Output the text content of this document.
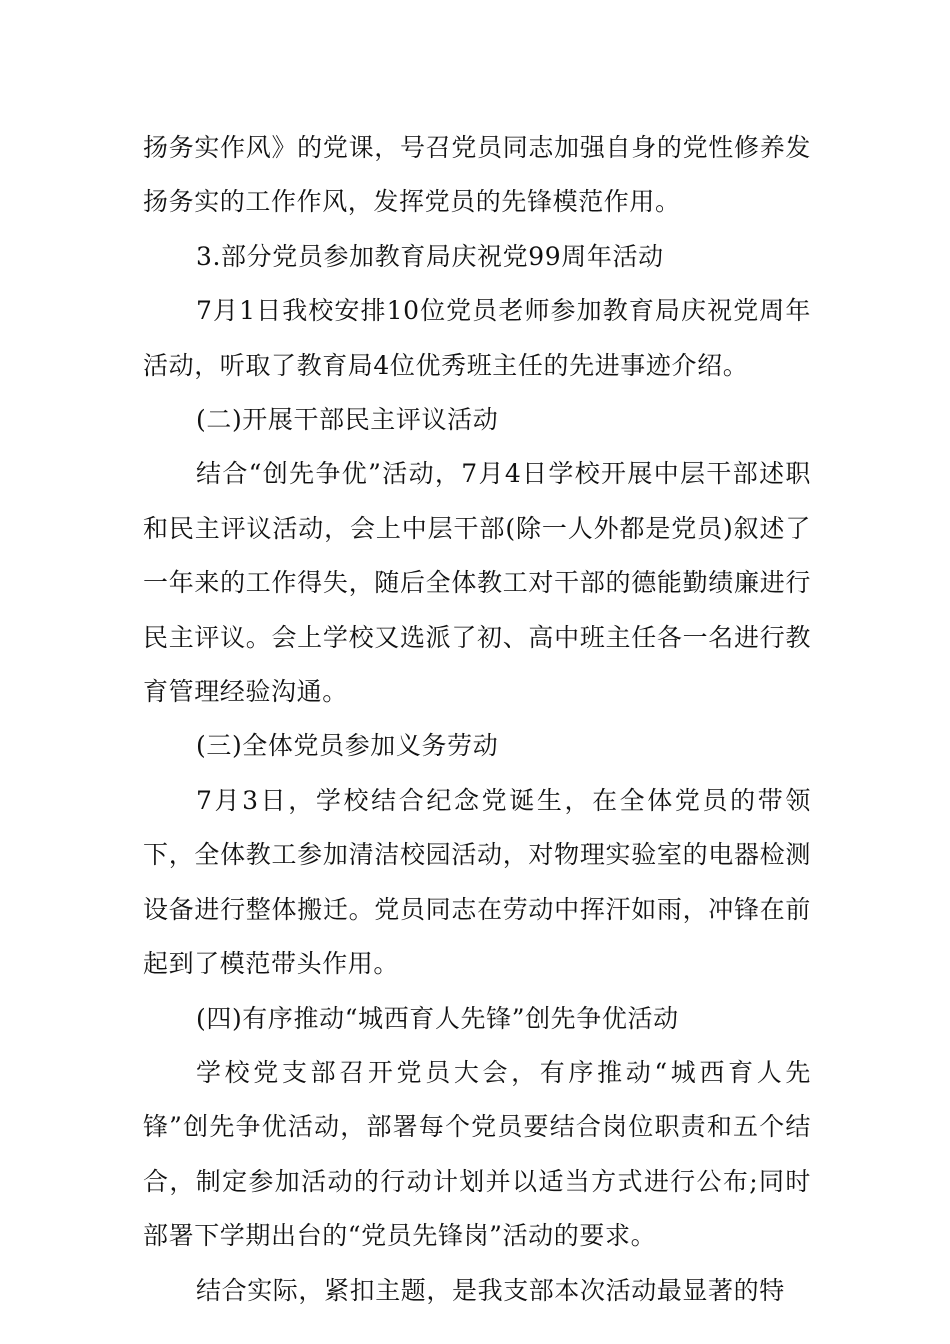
扬务实作风》的党课，号召党员同志加强自身的党性修养发扬务实的工作作风，发挥党员的先锋模范作用。

3.部分党员参加教育局庆祝党99周年活动

7月1日我校安排10位党员老师参加教育局庆祝党周年活动，听取了教育局4位优秀班主任的先进事迹介绍。

(二)开展干部民主评议活动

结合“创先争优”活动，7月4日学校开展中层干部述职和民主评议活动，会上中层干部(除一人外都是党员)叙述了一年来的工作得失，随后全体教工对干部的德能勤绩廉进行民主评议。会上学校又选派了初、高中班主任各一名进行教育管理经验沟通。

(三)全体党员参加义务劳动

7月3日，学校结合纪念党诞生，在全体党员的带领下，全体教工参加清洁校园活动，对物理实验室的电器检测设备进行整体搬迁。党员同志在劳动中挥汗如雨，冲锋在前起到了模范带头作用。

(四)有序推动“城西育人先锋”创先争优活动

学校党支部召开党员大会，有序推动“城西育人先锋”创先争优活动，部署每个党员要结合岗位职责和五个结合，制定参加活动的行动计划并以适当方式进行公布;同时部署下学期出台的“党员先锋岗”活动的要求。

结合实际，紧扣主题，是我支部本次活动最显著的特
